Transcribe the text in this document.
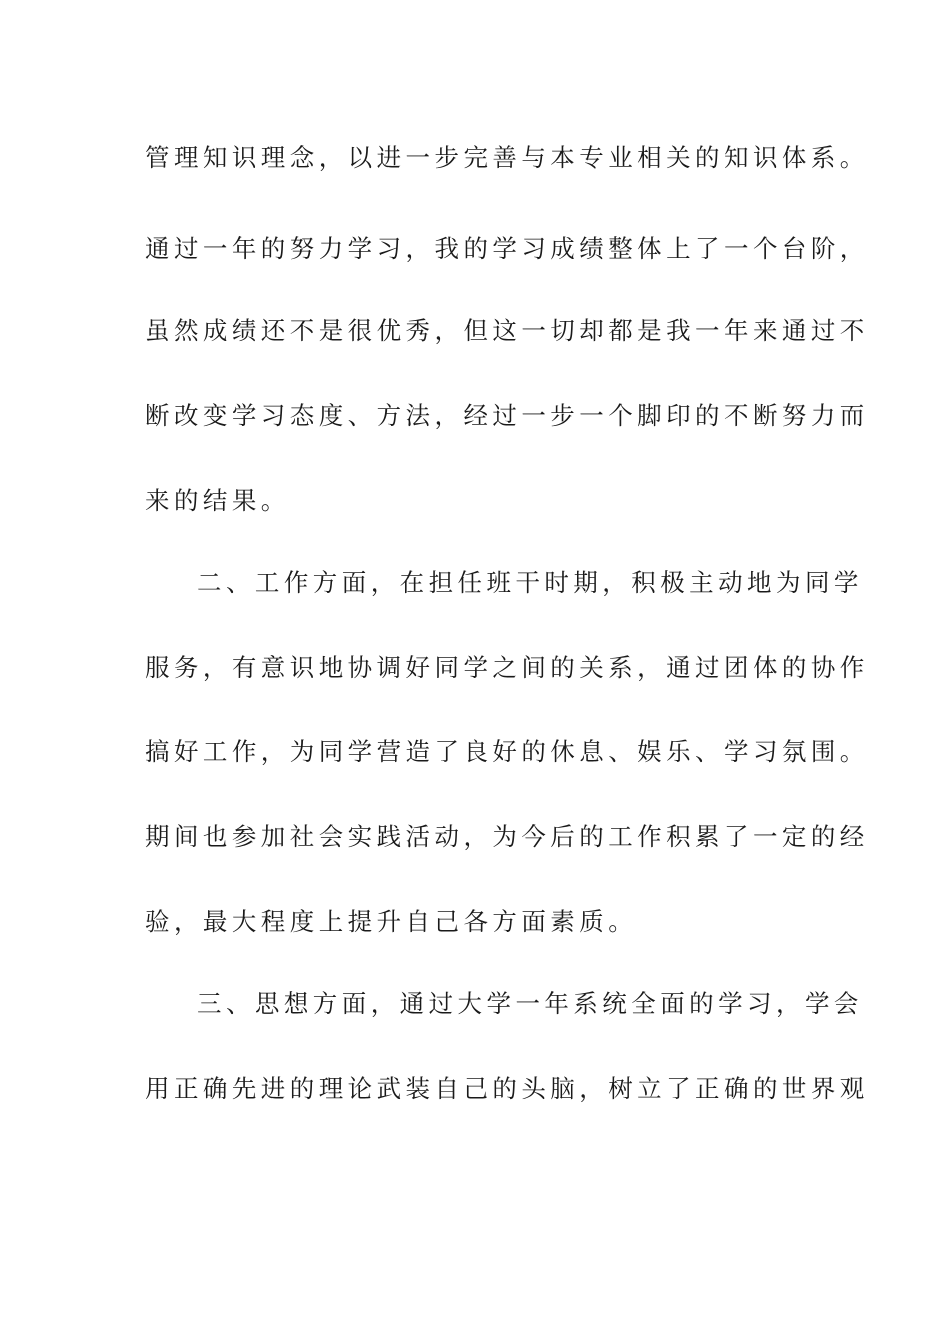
管理知识理念，以进一步完善与本专业相关的知识体系。
通过一年的努力学习，我的学习成绩整体上了一个台阶，
虽然成绩还不是很优秀，但这一切却都是我一年来通过不
断改变学习态度、方法，经过一步一个脚印的不断努力而
来的结果。
二、工作方面，在担任班干时期，积极主动地为同学
服务，有意识地协调好同学之间的关系，通过团体的协作
搞好工作，为同学营造了良好的休息、娱乐、学习氛围。
期间也参加社会实践活动，为今后的工作积累了一定的经
验，最大程度上提升自己各方面素质。
三、思想方面，通过大学一年系统全面的学习，学会
用正确先进的理论武装自己的头脑，树立了正确的世界观
